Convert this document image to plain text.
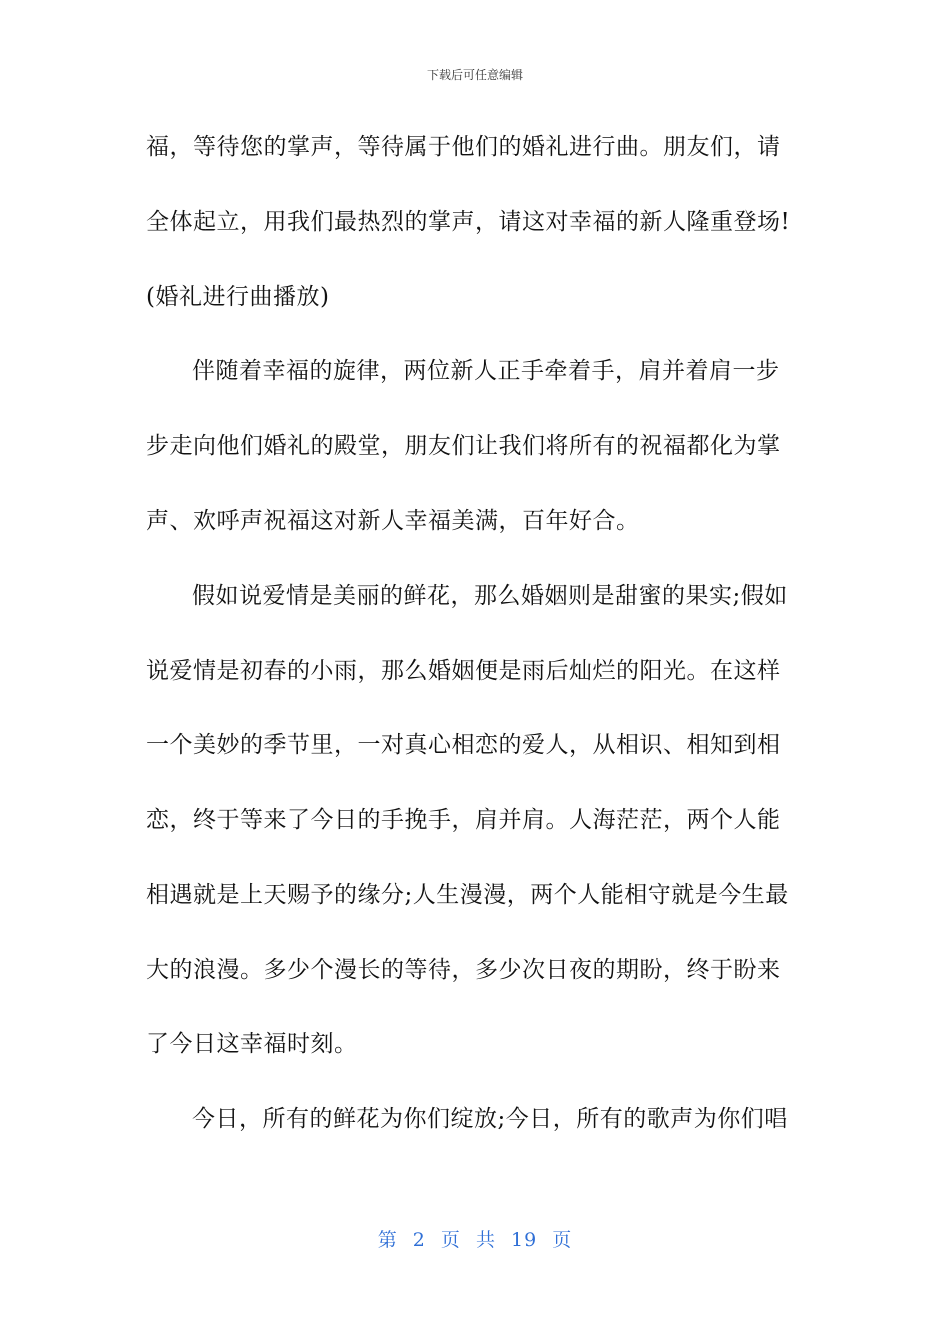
下载后可任意编辑
福，等待您的掌声，等待属于他们的婚礼进行曲。朋友们，请
全体起立，用我们最热烈的掌声，请这对幸福的新人隆重登场!
(婚礼进行曲播放)
伴随着幸福的旋律，两位新人正手牵着手，肩并着肩一步
步走向他们婚礼的殿堂，朋友们让我们将所有的祝福都化为掌
声、欢呼声祝福这对新人幸福美满，百年好合。
假如说爱情是美丽的鲜花，那么婚姻则是甜蜜的果实;假如
说爱情是初春的小雨，那么婚姻便是雨后灿烂的阳光。在这样
一个美妙的季节里，一对真心相恋的爱人，从相识、相知到相
恋，终于等来了今日的手挽手，肩并肩。人海茫茫，两个人能
相遇就是上天赐予的缘分;人生漫漫，两个人能相守就是今生最
大的浪漫。多少个漫长的等待，多少次日夜的期盼，终于盼来
了今日这幸福时刻。
今日，所有的鲜花为你们绽放;今日，所有的歌声为你们唱
第 2 页 共 19 页
